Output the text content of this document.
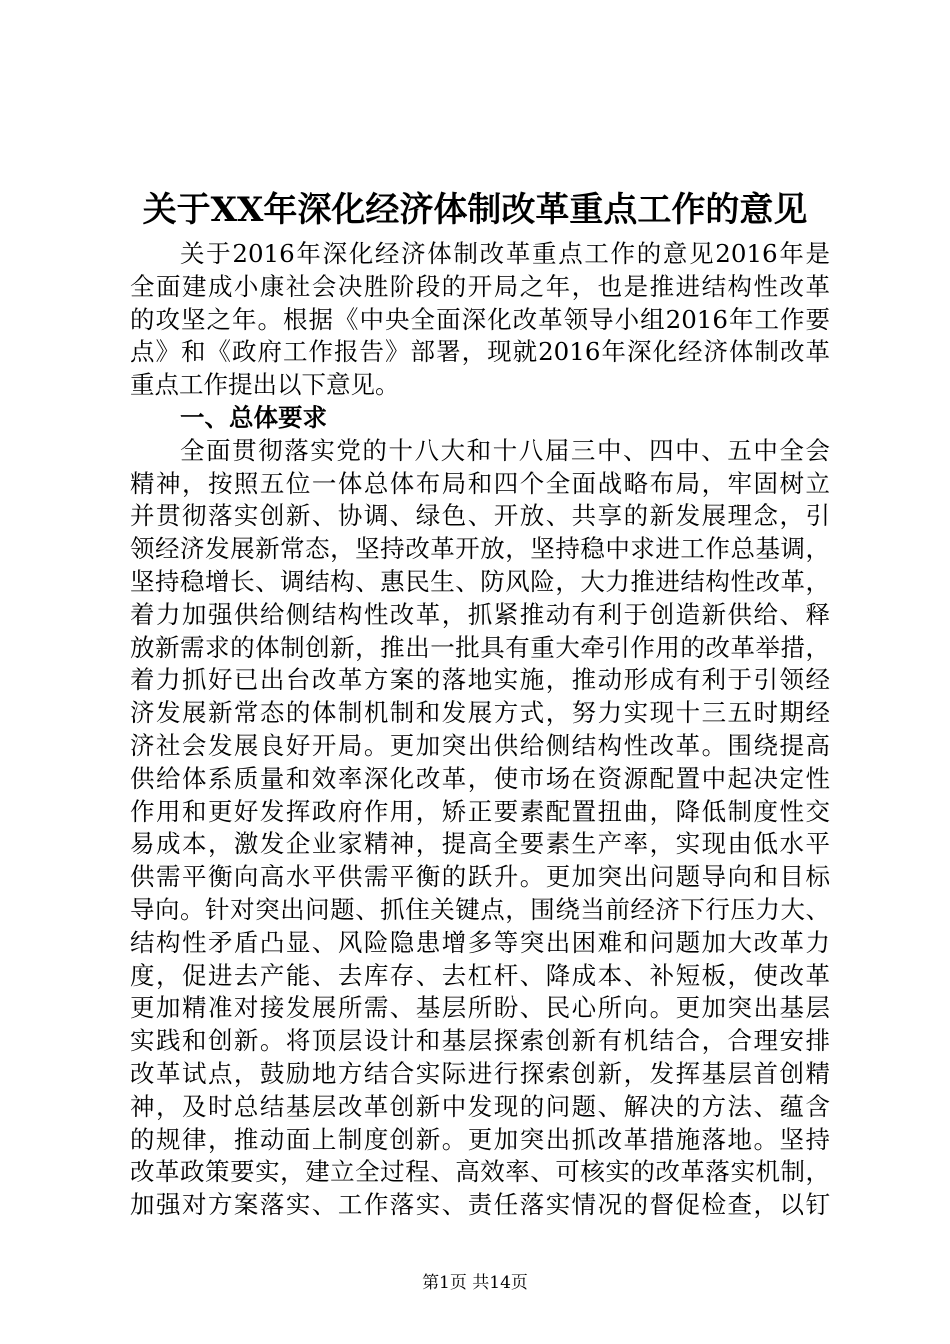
关于XX年深化经济体制改革重点工作的意见
关于2016年深化经济体制改革重点工作的意见2016年是
全面建成小康社会决胜阶段的开局之年，也是推进结构性改革
的攻坚之年。根据《中央全面深化改革领导小组2016年工作要
点》和《政府工作报告》部署，现就2016年深化经济体制改革
重点工作提出以下意见。
一、总体要求
全面贯彻落实党的十八大和十八届三中、四中、五中全会
精神，按照五位一体总体布局和四个全面战略布局，牢固树立
并贯彻落实创新、协调、绿色、开放、共享的新发展理念，引
领经济发展新常态，坚持改革开放，坚持稳中求进工作总基调，
坚持稳增长、调结构、惠民生、防风险，大力推进结构性改革，
着力加强供给侧结构性改革，抓紧推动有利于创造新供给、释
放新需求的体制创新，推出一批具有重大牵引作用的改革举措，
着力抓好已出台改革方案的落地实施，推动形成有利于引领经
济发展新常态的体制机制和发展方式，努力实现十三五时期经
济社会发展良好开局。更加突出供给侧结构性改革。围绕提高
供给体系质量和效率深化改革，使市场在资源配置中起决定性
作用和更好发挥政府作用，矫正要素配置扭曲，降低制度性交
易成本，激发企业家精神，提高全要素生产率，实现由低水平
供需平衡向高水平供需平衡的跃升。更加突出问题导向和目标
导向。针对突出问题、抓住关键点，围绕当前经济下行压力大、
结构性矛盾凸显、风险隐患增多等突出困难和问题加大改革力
度，促进去产能、去库存、去杠杆、降成本、补短板，使改革
更加精准对接发展所需、基层所盼、民心所向。更加突出基层
实践和创新。将顶层设计和基层探索创新有机结合，合理安排
改革试点，鼓励地方结合实际进行探索创新，发挥基层首创精
神，及时总结基层改革创新中发现的问题、解决的方法、蕴含
的规律，推动面上制度创新。更加突出抓改革措施落地。坚持
改革政策要实，建立全过程、高效率、可核实的改革落实机制，
加强对方案落实、工作落实、责任落实情况的督促检查，以钉
第1页 共14页
